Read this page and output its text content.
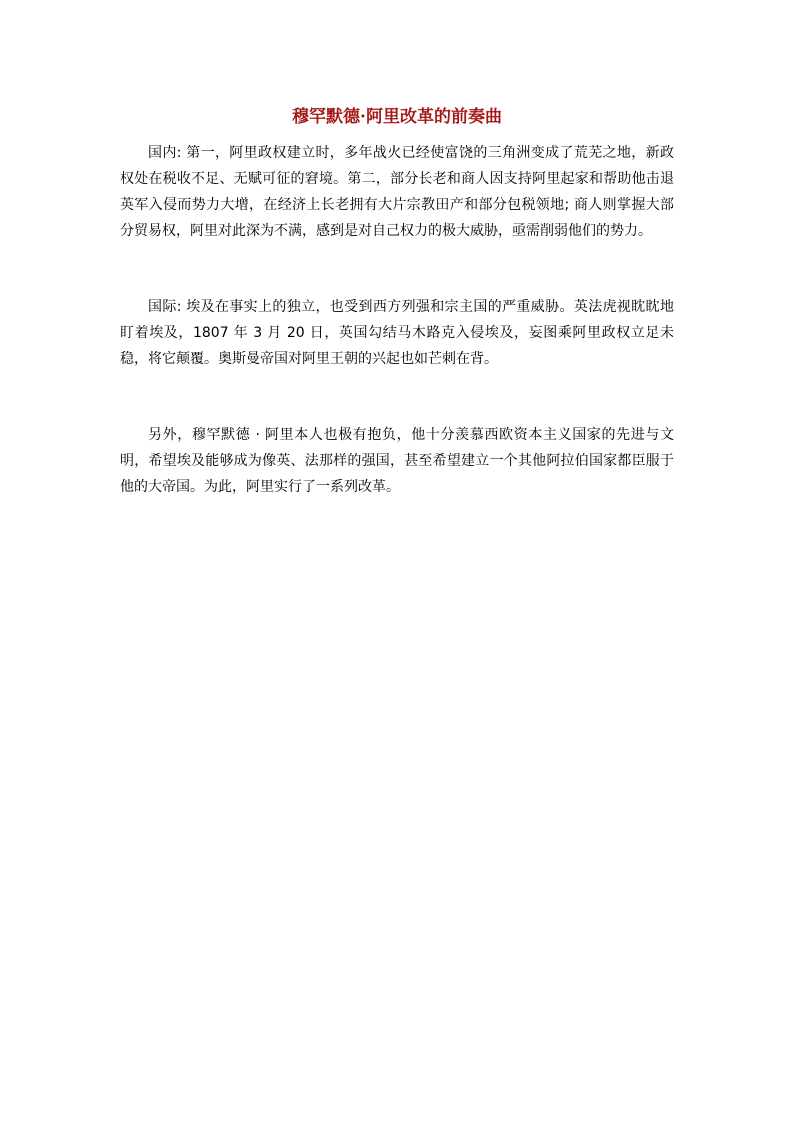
穆罕默德·阿里改革的前奏曲

国内: 第一，阿里政权建立时，多年战火已经使富饶的三角洲变成了荒芜之地，新政权处在税收不足、无赋可征的窘境。第二，部分长老和商人因支持阿里起家和帮助他击退英军入侵而势力大增，在经济上长老拥有大片宗教田产和部分包税领地; 商人则掌握大部分贸易权，阿里对此深为不满，感到是对自己权力的极大威胁，亟需削弱他们的势力。

国际: 埃及在事实上的独立，也受到西方列强和宗主国的严重威胁。英法虎视眈眈地盯着埃及，1807 年 3 月 20 日，英国勾结马木路克入侵埃及，妄图乘阿里政权立足未稳，将它颠覆。奥斯曼帝国对阿里王朝的兴起也如芒刺在背。

另外，穆罕默德 · 阿里本人也极有抱负，他十分羡慕西欧资本主义国家的先进与文明，希望埃及能够成为像英、法那样的强国，甚至希望建立一个其他阿拉伯国家都臣服于他的大帝国。为此，阿里实行了一系列改革。
